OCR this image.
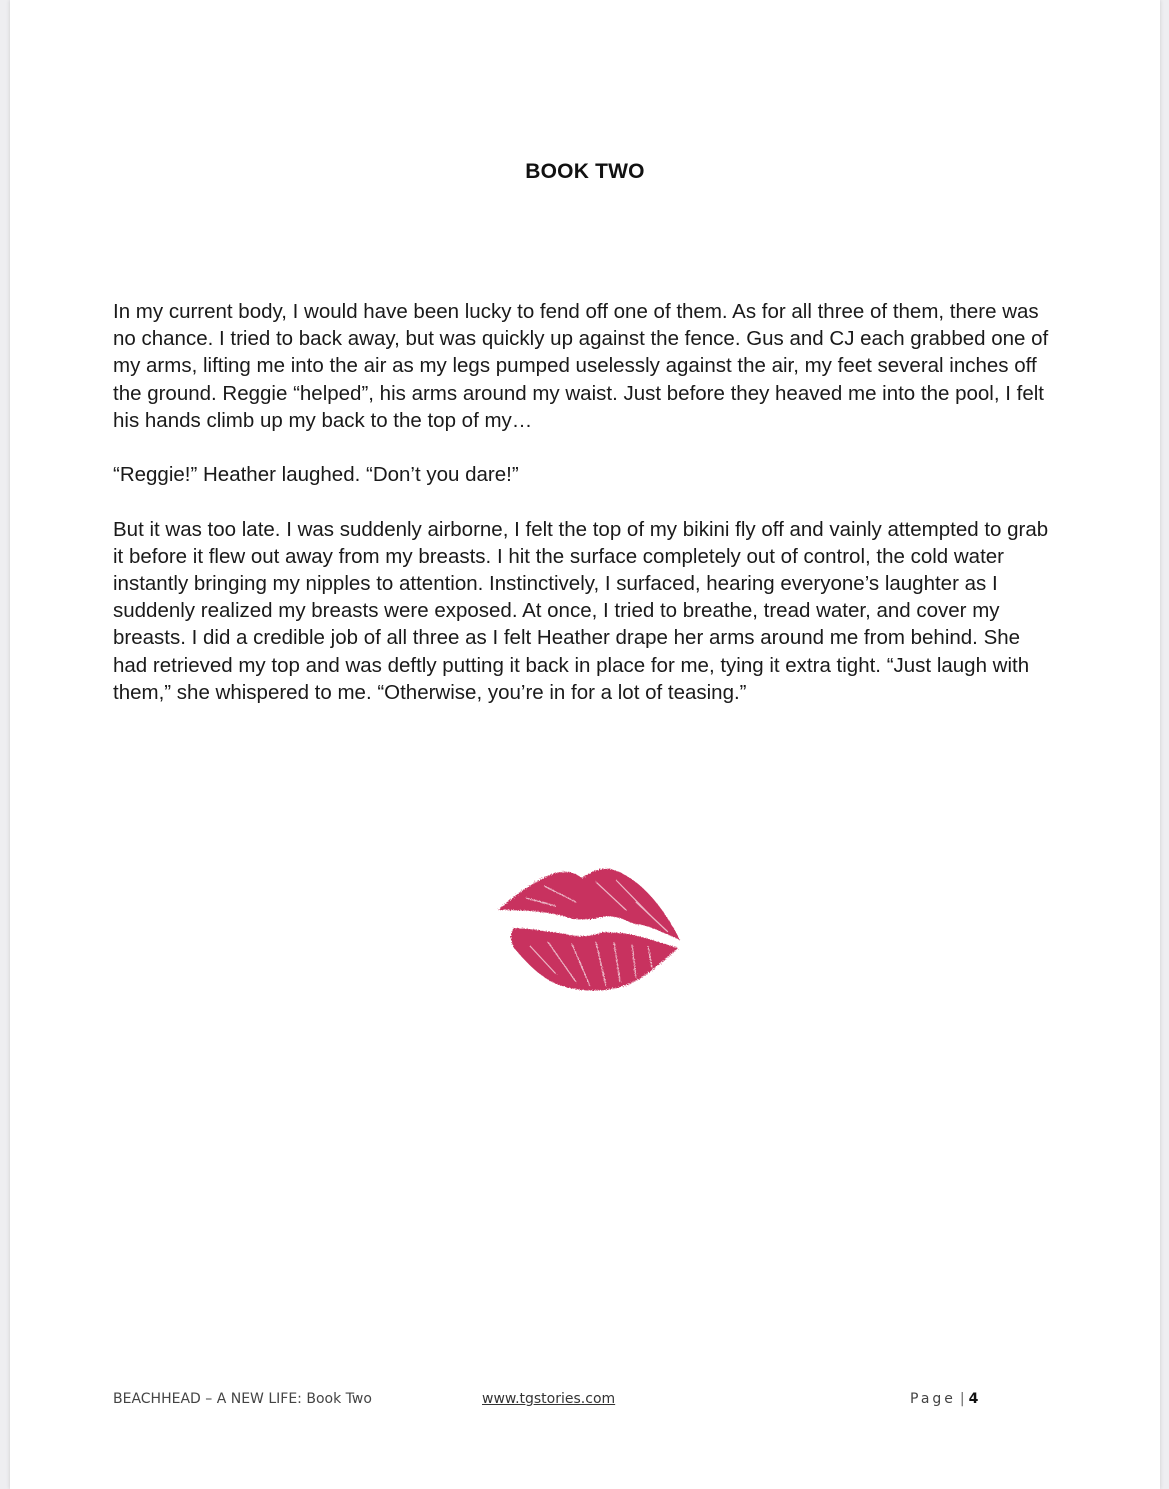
BOOK TWO

In my current body, I would have been lucky to fend off one of them. As for all three of them, there was no chance. I tried to back away, but was quickly up against the fence. Gus and CJ each grabbed one of my arms, lifting me into the air as my legs pumped uselessly against the air, my feet several inches off the ground. Reggie “helped”, his arms around my waist. Just before they heaved me into the pool, I felt his hands climb up my back to the top of my…

“Reggie!” Heather laughed. “Don’t you dare!”

But it was too late. I was suddenly airborne, I felt the top of my bikini fly off and vainly attempted to grab it before it flew out away from my breasts. I hit the surface completely out of control, the cold water instantly bringing my nipples to attention. Instinctively, I surfaced, hearing everyone’s laughter as I suddenly realized my breasts were exposed. At once, I tried to breathe, tread water, and cover my breasts. I did a credible job of all three as I felt Heather drape her arms around me from behind. She had retrieved my top and was deftly putting it back in place for me, tying it extra tight. “Just laugh with them,” she whispered to me. “Otherwise, you’re in for a lot of teasing.”

BEACHHEAD – A NEW LIFE: Book Two	www.tgstories.com	Page | 4
